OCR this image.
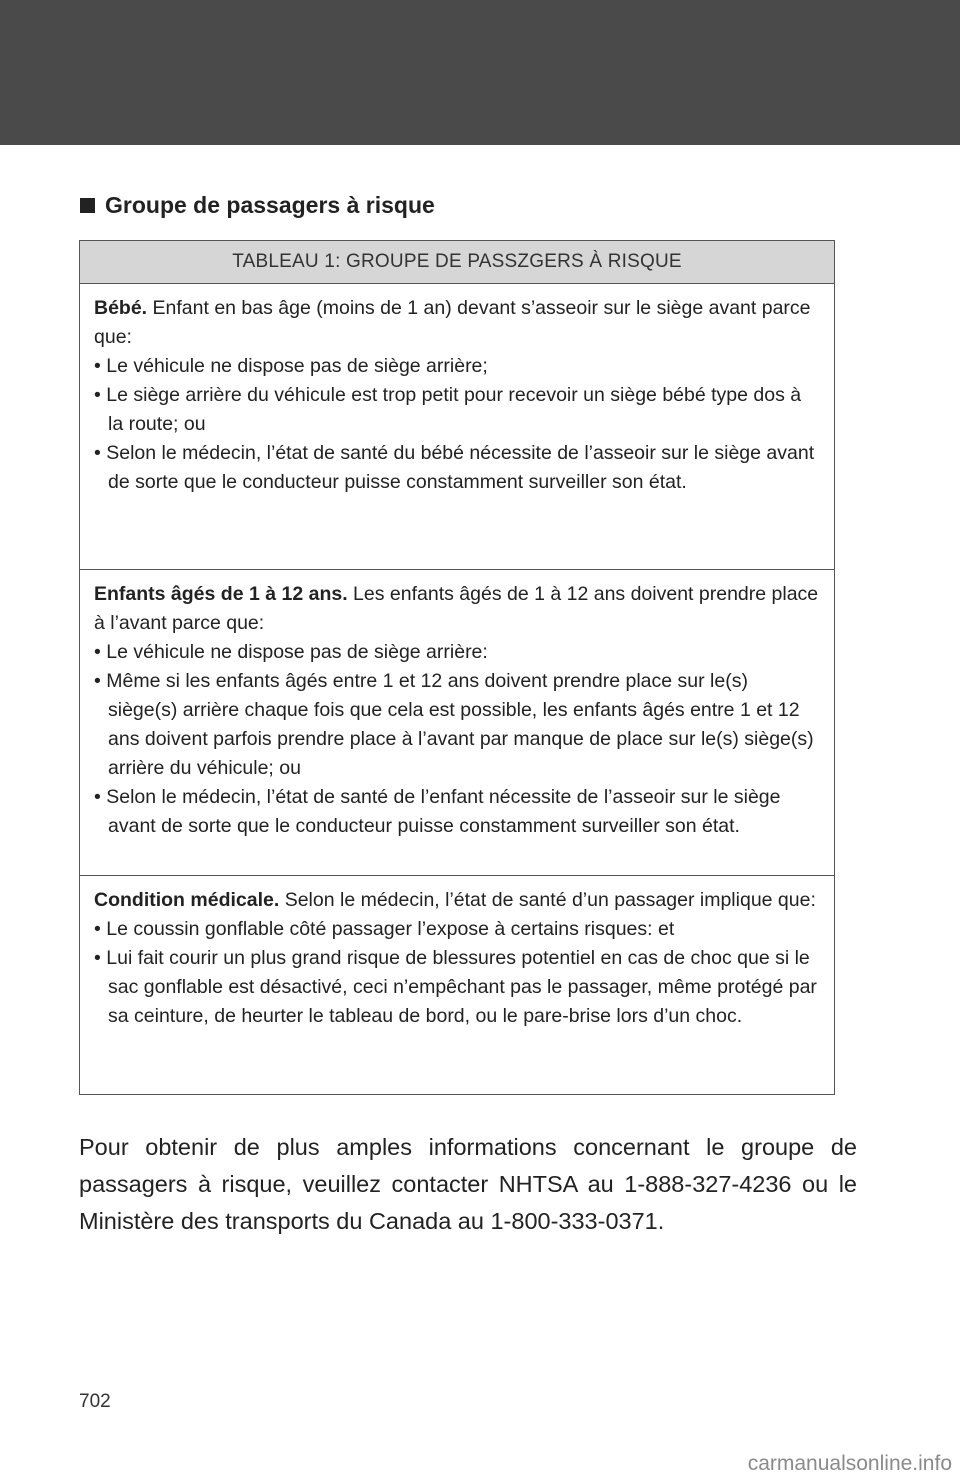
Groupe de passagers à risque
TABLEAU 1: GROUPE DE PASSZGERS À RISQUE
Bébé. Enfant en bas âge (moins de 1 an) devant s’asseoir sur le siège avant parce que:
• Le véhicule ne dispose pas de siège arrière;
• Le siège arrière du véhicule est trop petit pour recevoir un siège bébé type dos à la route; ou
• Selon le médecin, l’état de santé du bébé nécessite de l’asseoir sur le siège avant de sorte que le conducteur puisse constamment surveiller son état.
Enfants âgés de 1 à 12 ans. Les enfants âgés de 1 à 12 ans doivent prendre place à l’avant parce que:
• Le véhicule ne dispose pas de siège arrière:
• Même si les enfants âgés entre 1 et 12 ans doivent prendre place sur le(s) siège(s) arrière chaque fois que cela est possible, les enfants âgés entre 1 et 12 ans doivent parfois prendre place à l’avant par manque de place sur le(s) siège(s) arrière du véhicule; ou
• Selon le médecin, l’état de santé de l’enfant nécessite de l’asseoir sur le siège avant de sorte que le conducteur puisse constamment surveiller son état.
Condition médicale. Selon le médecin, l’état de santé d’un passager implique que:
• Le coussin gonflable côté passager l’expose à certains risques: et
• Lui fait courir un plus grand risque de blessures potentiel en cas de choc que si le sac gonflable est désactivé, ceci n’empêchant pas le passager, même protégé par sa ceinture, de heurter le tableau de bord, ou le pare-brise lors d’un choc.

Pour obtenir de plus amples informations concernant le groupe de passagers à risque, veuillez contacter NHTSA au 1-888-327-4236 ou le Ministère des transports du Canada au 1-800-333-0371.

702
carmanualsonline.info
